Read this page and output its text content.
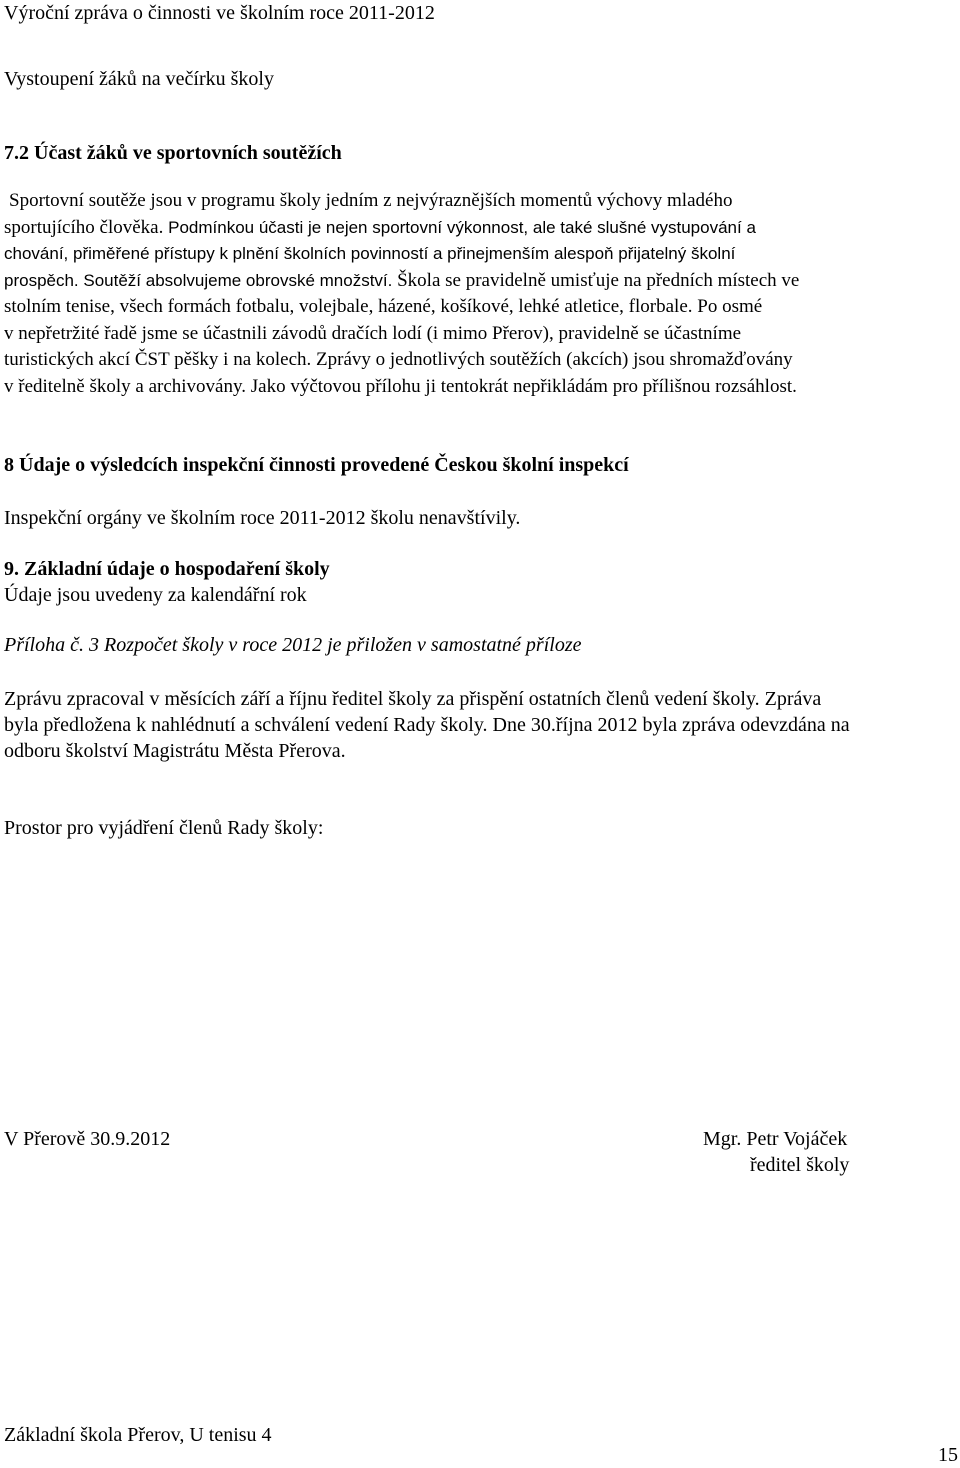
Výroční zpráva o činnosti ve školním roce 2011-2012

Vystoupení žáků na večírku školy

7.2 Účast žáků ve sportovních soutěžích

Sportovní soutěže jsou v programu školy jedním z nejvýraznějších momentů výchovy mladého
sportujícího člověka. Podmínkou účasti je nejen sportovní výkonnost, ale také slušné vystupování a
chování, přiměřené přístupy k plnění školních povinností a přinejmenším alespoň přijatelný školní
prospěch. Soutěží absolvujeme obrovské množství. Škola se pravidelně umisťuje na předních místech ve
stolním tenise, všech formách fotbalu, volejbale, házené, košíkové, lehké atletice, florbale. Po osmé
v nepřetržité řadě jsme se účastnili závodů dračích lodí (i mimo Přerov), pravidelně se účastníme
turistických akcí ČST pěšky i na kolech. Zprávy o jednotlivých soutěžích (akcích) jsou shromažďovány
v ředitelně školy a archivovány. Jako výčtovou přílohu ji tentokrát nepřikládám pro přílišnou rozsáhlost.

8 Údaje o výsledcích inspekční činnosti provedené Českou školní inspekcí

Inspekční orgány ve školním roce 2011-2012 školu nenavštívily.

9. Základní údaje o hospodaření školy

Údaje jsou uvedeny za kalendářní rok

Příloha č. 3 Rozpočet školy v roce 2012 je přiložen v samostatné příloze

Zprávu zpracoval v měsících září a říjnu ředitel školy za přispění ostatních členů vedení školy. Zpráva
byla předložena k nahlédnutí a schválení vedení Rady školy. Dne 30.října 2012 byla zpráva odevzdána na
odboru školství Magistrátu Města Přerova.

Prostor pro vyjádření členů Rady školy:

V Přerově 30.9.2012	Mgr. Petr Vojáček
ředitel školy

Základní škola Přerov, U tenisu 4

15
